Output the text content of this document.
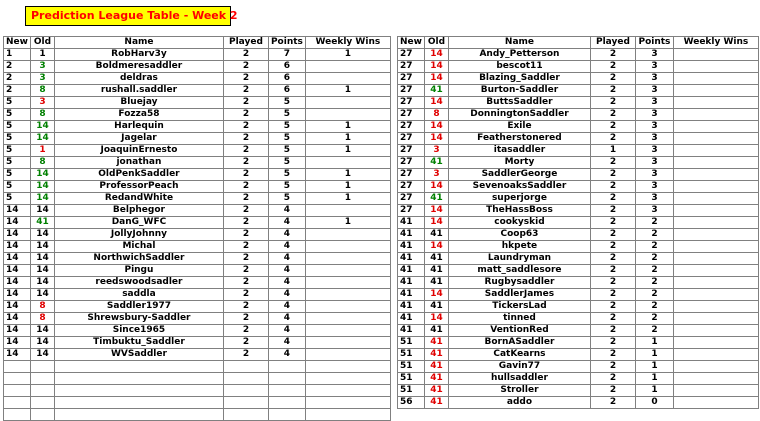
Prediction League Table - Week 2
New	Old	Name	Played	Points	Weekly Wins
1	1	RobHarv3y	2	7	1
2	3	Boldmeresaddler	2	6	
2	3	deldras	2	6	
2	8	rushall.saddler	2	6	1
5	3	Bluejay	2	5	
5	8	Fozza58	2	5	
5	14	Harlequin	2	5	1
5	14	Jagelar	2	5	1
5	1	JoaquinErnesto	2	5	1
5	8	jonathan	2	5	
5	14	OldPenkSaddler	2	5	1
5	14	ProfessorPeach	2	5	1
5	14	RedandWhite	2	5	1
14	14	Belphegor	2	4	
14	41	DanG_WFC	2	4	1
14	14	JollyJohnny	2	4	
14	14	Michal	2	4	
14	14	NorthwichSaddler	2	4	
14	14	Pingu	2	4	
14	14	reedswoodsadler	2	4	
14	14	saddla	2	4	
14	8	Saddler1977	2	4	
14	8	Shrewsbury-Saddler	2	4	
14	14	Since1965	2	4	
14	14	Timbuktu_Saddler	2	4	
14	14	WVSaddler	2	4	

New	Old	Name	Played	Points	Weekly Wins
27	14	Andy_Petterson	2	3	
27	14	bescot11	2	3	
27	14	Blazing_Saddler	2	3	
27	41	Burton-Saddler	2	3	
27	14	ButtsSaddler	2	3	
27	8	DonningtonSaddler	2	3	
27	14	Exile	2	3	
27	14	Featherstonered	2	3	
27	3	itasaddler	1	3	
27	41	Morty	2	3	
27	3	SaddlerGeorge	2	3	
27	14	SevenoaksSaddler	2	3	
27	41	superjorge	2	3	
27	14	TheHassBoss	2	3	
41	14	cookyskid	2	2	
41	41	Coop63	2	2	
41	14	hkpete	2	2	
41	41	Laundryman	2	2	
41	41	matt_saddlesore	2	2	
41	41	Rugbysaddler	2	2	
41	14	SaddlerJames	2	2	
41	41	TickersLad	2	2	
41	14	tinned	2	2	
41	41	VentionRed	2	2	
51	41	BornASaddler	2	1	
51	41	CatKearns	2	1	
51	41	Gavin77	2	1	
51	41	hullsaddler	2	1	
51	41	Stroller	2	1	
56	41	addo	2	0	
